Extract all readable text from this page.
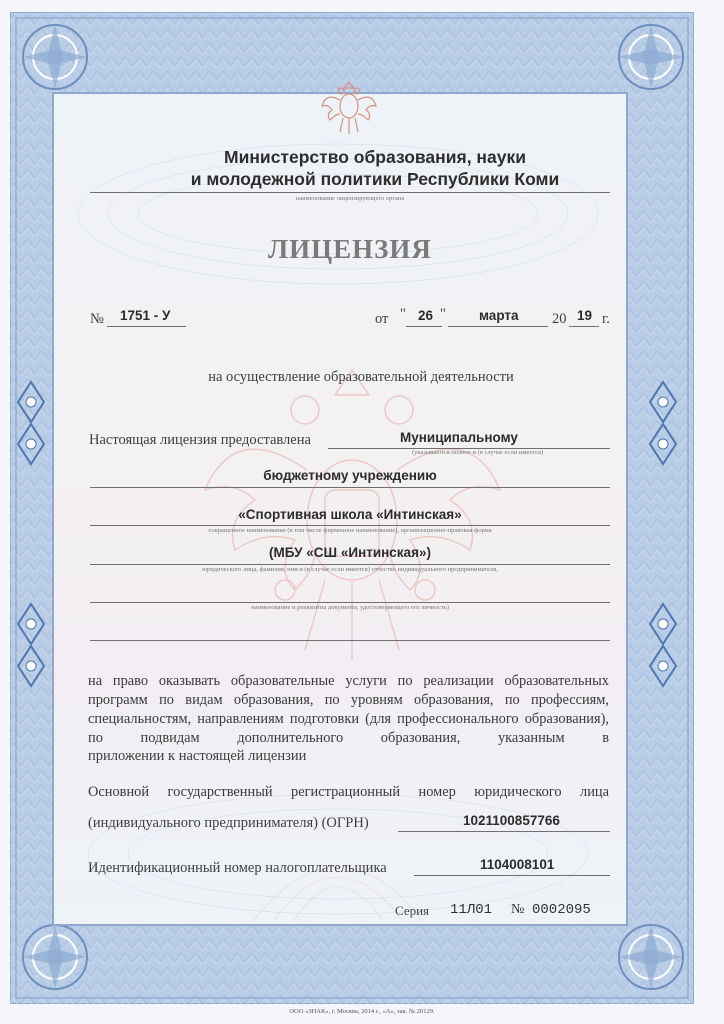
Министерство образования, науки
и молодежной политики Республики Коми
наименование лицензирующего органа
ЛИЦЕНЗИЯ
№ 1751 - У	от " 26 " марта 20 19 г.
на осуществление образовательной деятельности
Настоящая лицензия предоставлена	Муниципальному
(указываются полное и (в случае если имеется)
бюджетному учреждению
«Спортивная школа «Интинская»
сокращенное наименование (в том числе фирменное наименование), организационно-правовая форма
(МБУ «СШ «Интинская»)
юридического лица, фамилия, имя и (в случае если имеется) отчество индивидуального предпринимателя,
наименование и реквизиты документа, удостоверяющего его личность)
на право оказывать образовательные услуги по реализации образовательных программ по видам образования, по уровням образования, по профессиям, специальностям, направлениям подготовки (для профессионального образования), по подвидам дополнительного образования, указанным в
приложении к настоящей лицензии
Основной государственный регистрационный номер юридического лица
(индивидуального предпринимателя) (ОГРН)	1021100857766
Идентификационный номер налогоплательщика	1104008101
Серия 11Л01 № 0002095
ООО «ЗНАК», г. Москва, 2014 г., «А», зак. № 20129.
